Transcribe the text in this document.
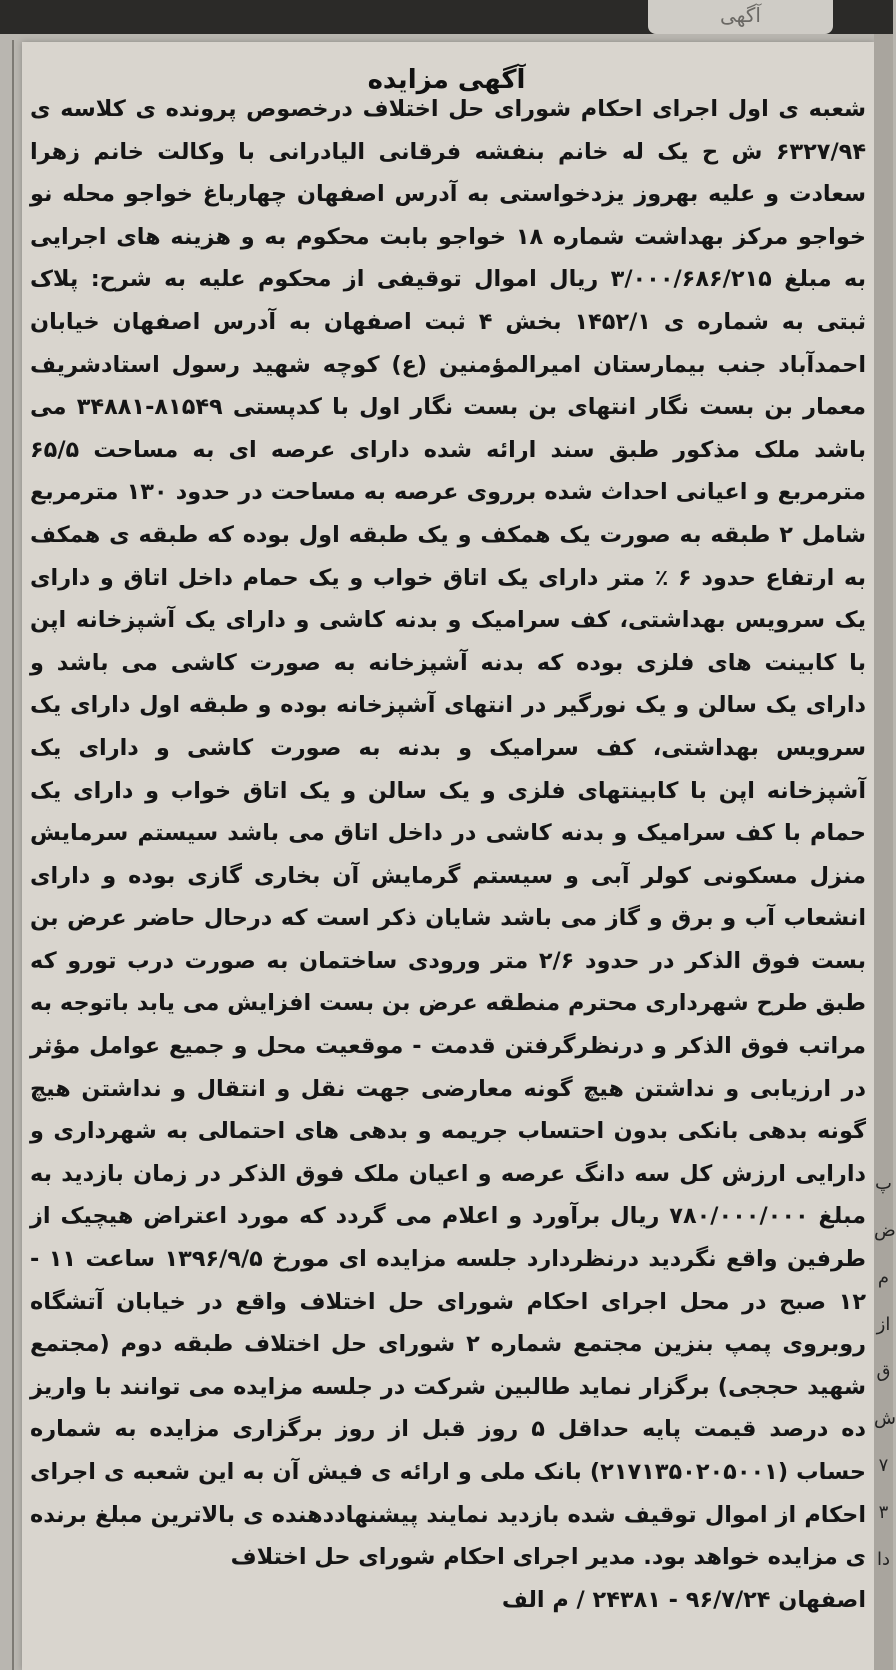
آگهی
پ
ض
م
از
ق
ش
۷
۳
دا
آگهی مزایده
شعبه ی اول اجرای احکام شورای حل اختلاف درخصوص پرونده ی کلاسه ی ۶۳۲۷/۹۴ ش ح یک له خانم بنفشه فرقانی الیادرانی با وکالت خانم زهرا سعادت و علیه بهروز یزدخواستی به آدرس اصفهان چهارباغ خواجو محله نو خواجو مرکز بهداشت شماره ۱۸ خواجو بابت محکوم به و هزینه های اجرایی به مبلغ ۳/۰۰۰/۶۸۶/۲۱۵ ریال اموال توقیفی از محکوم علیه به شرح: پلاک ثبتی به شماره ی ۱۴۵۲/۱ بخش ۴ ثبت اصفهان به آدرس اصفهان خیابان احمدآباد جنب بیمارستان امیرالمؤمنین (ع) کوچه شهید رسول استادشریف معمار بن بست نگار انتهای بن بست نگار اول با کدپستی ۸۱۵۴۹-۳۴۸۸۱ می باشد ملک مذکور طبق سند ارائه شده دارای عرصه ای به مساحت ۶۵/۵ مترمربع و اعیانی احداث شده برروی عرصه به مساحت در حدود ۱۳۰ مترمربع شامل ۲ طبقه به صورت یک همکف و یک طبقه اول بوده که طبقه ی همکف به ارتفاع حدود ۶ ٪ متر دارای یک اتاق خواب و یک حمام داخل اتاق و دارای یک سرویس بهداشتی، کف سرامیک و بدنه کاشی و دارای یک آشپزخانه اپن با کابینت های فلزی بوده که بدنه آشپزخانه به صورت کاشی می باشد و دارای یک سالن و یک نورگیر در انتهای آشپزخانه بوده و طبقه اول دارای یک سرویس بهداشتی، کف سرامیک و بدنه به صورت کاشی و دارای یک آشپزخانه اپن با کابینتهای فلزی و یک سالن و یک اتاق خواب و دارای یک حمام با کف سرامیک و بدنه کاشی در داخل اتاق می باشد سیستم سرمایش منزل مسکونی کولر آبی و سیستم گرمایش آن بخاری گازی بوده و دارای انشعاب آب و برق و گاز می باشد شایان ذکر است که درحال حاضر عرض بن بست فوق الذکر در حدود ۲/۶ متر ورودی ساختمان به صورت درب تورو که طبق طرح شهرداری محترم منطقه عرض بن بست افزایش می یابد باتوجه به مراتب فوق الذکر و درنظرگرفتن قدمت - موقعیت محل و جمیع عوامل مؤثر در ارزیابی و نداشتن هیچ گونه معارضی جهت نقل و انتقال و نداشتن هیچ گونه بدهی بانکی بدون احتساب جریمه و بدهی های احتمالی به شهرداری و دارایی ارزش کل سه دانگ عرصه و اعیان ملک فوق الذکر در زمان بازدید به مبلغ ۷۸۰/۰۰۰/۰۰۰ ریال برآورد و اعلام می گردد که مورد اعتراض هیچیک از طرفین واقع نگردید درنظردارد جلسه مزایده ای مورخ ۱۳۹۶/۹/۵ ساعت ۱۱ - ۱۲ صبح در محل اجرای احکام شورای حل اختلاف واقع در خیابان آتشگاه روبروی پمپ بنزین مجتمع شماره ۲ شورای حل اختلاف طبقه دوم (مجتمع شهید حججی) برگزار نماید طالبین شرکت در جلسه مزایده می توانند با واریز ده درصد قیمت پایه حداقل ۵ روز قبل از روز برگزاری مزایده به شماره حساب (۲۱۷۱۳۵۰۲۰۵۰۰۱) بانک ملی و ارائه ی فیش آن به این شعبه ی اجرای احکام از اموال توقیف شده بازدید نمایند پیشنهاددهنده ی بالاترین مبلغ برنده ی مزایده خواهد بود. مدیر اجرای احکام شورای حل اختلاف
اصفهان ۹۶/۷/۲۴ - ۲۴۳۸۱ / م الف
